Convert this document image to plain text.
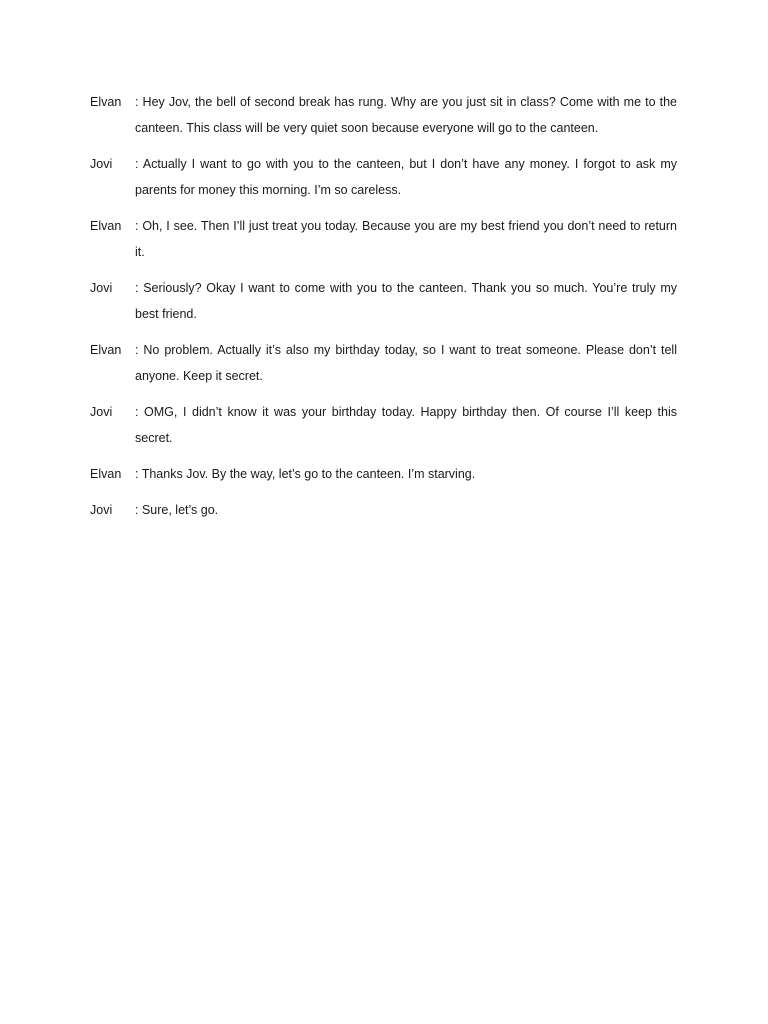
Elvan	: Hey Jov, the bell of second break has rung. Why are you just sit in class? Come with me to the canteen. This class will be very quiet soon because everyone will go to the canteen.
Jovi	: Actually I want to go with you to the canteen, but I don’t have any money. I forgot to ask my parents for money this morning. I’m so careless.
Elvan	: Oh, I see. Then I’ll just treat you today. Because you are my best friend you don’t need to return it.
Jovi	: Seriously? Okay I want to come with you to the canteen. Thank you so much. You’re truly my best friend.
Elvan	: No problem. Actually it’s also my birthday today, so I want to treat someone. Please don’t tell anyone. Keep it secret.
Jovi	: OMG, I didn’t know it was your birthday today. Happy birthday then. Of course I’ll keep this secret.
Elvan	: Thanks Jov. By the way, let’s go to the canteen. I’m starving.
Jovi	: Sure, let’s go.
